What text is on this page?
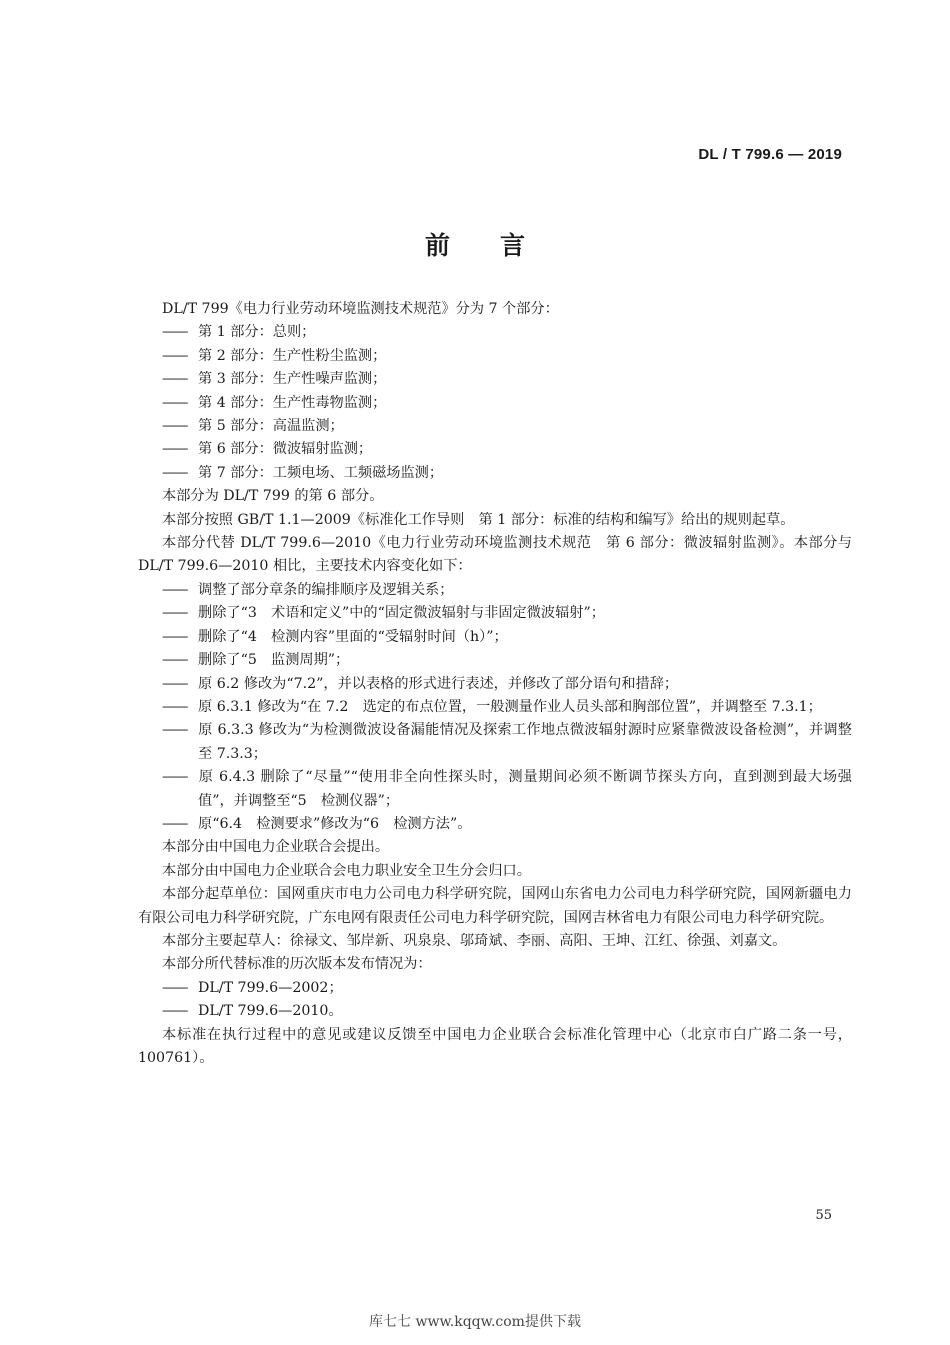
DL / T 799.6 — 2019
前言

DL/T 799《电力行业劳动环境监测技术规范》分为 7 个部分：

—— 第 1 部分：总则；

—— 第 2 部分：生产性粉尘监测；

—— 第 3 部分：生产性噪声监测；

—— 第 4 部分：生产性毒物监测；

—— 第 5 部分：高温监测；

—— 第 6 部分：微波辐射监测；

—— 第 7 部分：工频电场、工频磁场监测；

本部分为 DL/T 799 的第 6 部分。

本部分按照 GB/T 1.1—2009《标准化工作导则　第 1 部分：标准的结构和编写》给出的规则起草。

本部分代替 DL/T 799.6—2010《电力行业劳动环境监测技术规范　第 6 部分：微波辐射监测》。本部分与 DL/T 799.6—2010 相比，主要技术内容变化如下：

—— 调整了部分章条的编排顺序及逻辑关系；

—— 删除了“3　术语和定义”中的“固定微波辐射与非固定微波辐射”；

—— 删除了“4　检测内容”里面的“受辐射时间（h）”；

—— 删除了“5　监测周期”；

—— 原 6.2 修改为“7.2”，并以表格的形式进行表述，并修改了部分语句和措辞；

—— 原 6.3.1 修改为“在 7.2　选定的布点位置，一般测量作业人员头部和胸部位置”，并调整至 7.3.1；

—— 原 6.3.3 修改为“为检测微波设备漏能情况及探索工作地点微波辐射源时应紧靠微波设备检测”，并调整至 7.3.3；

—— 原 6.4.3 删除了“尽量”“使用非全向性探头时，测量期间必须不断调节探头方向，直到测到最大场强值”，并调整至“5　检测仪器”；

—— 原“6.4　检测要求”修改为“6　检测方法”。

本部分由中国电力企业联合会提出。

本部分由中国电力企业联合会电力职业安全卫生分会归口。

本部分起草单位：国网重庆市电力公司电力科学研究院，国网山东省电力公司电力科学研究院，国网新疆电力有限公司电力科学研究院，广东电网有限责任公司电力科学研究院，国网吉林省电力有限公司电力科学研究院。

本部分主要起草人：徐禄文、邹岸新、巩泉泉、邬琦斌、李丽、高阳、王坤、江红、徐强、刘嘉文。

本部分所代替标准的历次版本发布情况为：

—— DL/T 799.6—2002；

—— DL/T 799.6—2010。

本标准在执行过程中的意见或建议反馈至中国电力企业联合会标准化管理中心（北京市白广路二条一号，100761）。

55
库七七 www.kqqw.com提供下载
